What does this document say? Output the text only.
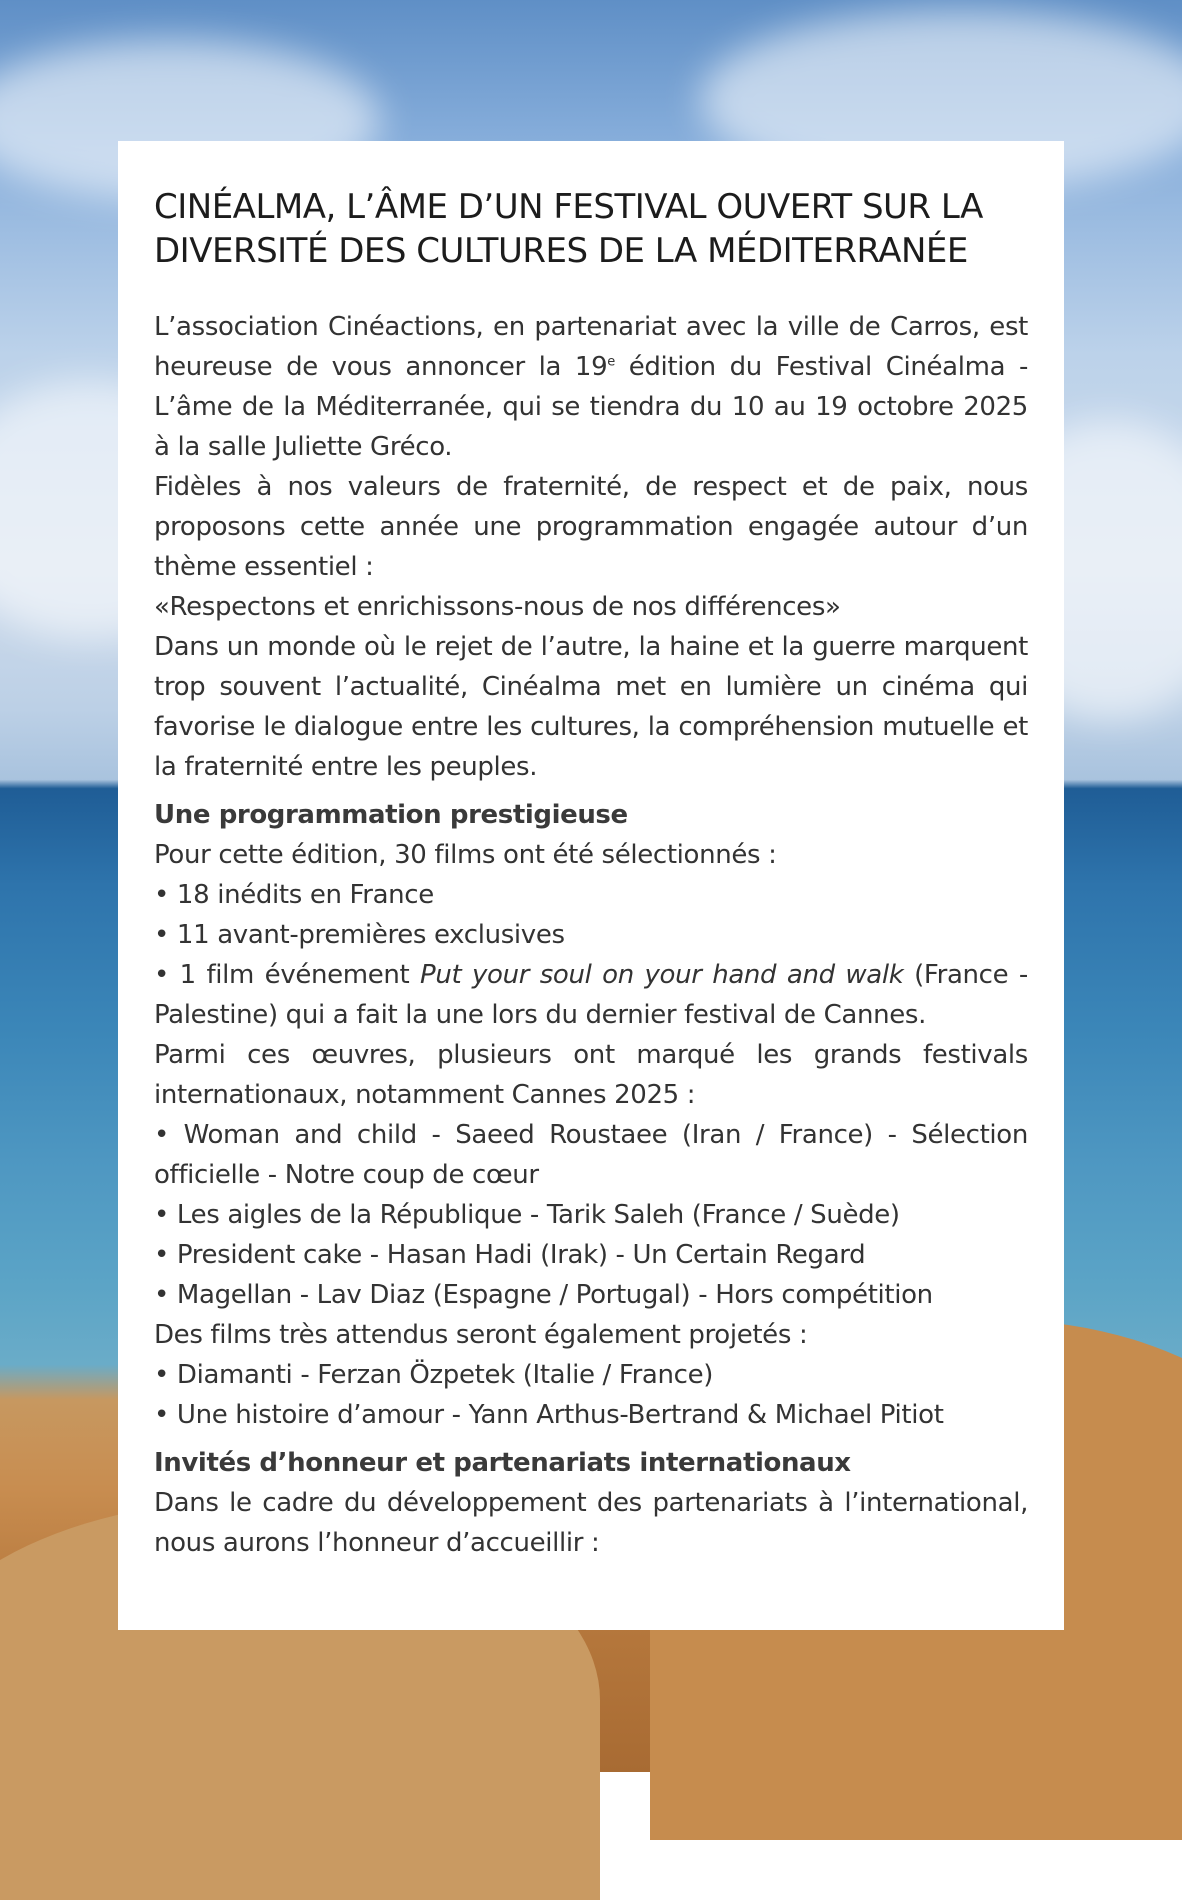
CINÉALMA, L’ÂME D’UN FESTIVAL OUVERT SUR LA
DIVERSITÉ DES CULTURES DE LA MÉDITERRANÉE

L’association Cinéactions, en partenariat avec la ville de Carros, est heureuse de vous annoncer la 19e édition du Festival Cinéalma - L’âme de la Méditerranée, qui se tiendra du 10 au 19 octobre 2025 à la salle Juliette Gréco.

Fidèles à nos valeurs de fraternité, de respect et de paix, nous proposons cette année une programmation engagée autour d’un thème essentiel :

«Respectons et enrichissons-nous de nos différences»

Dans un monde où le rejet de l’autre, la haine et la guerre marquent trop souvent l’actualité, Cinéalma met en lumière un cinéma qui favorise le dialogue entre les cultures, la compréhension mutuelle et la fraternité entre les peuples.

Une programmation prestigieuse

Pour cette édition, 30 films ont été sélectionnés :

• 18 inédits en France

• 11 avant-premières exclusives

• 1 film événement Put your soul on your hand and walk (France - Palestine) qui a fait la une lors du dernier festival de Cannes.

Parmi ces œuvres, plusieurs ont marqué les grands festivals internationaux, notamment Cannes 2025 :

• Woman and child - Saeed Roustaee (Iran / France) - Sélection officielle - Notre coup de cœur

• Les aigles de la République - Tarik Saleh (France / Suède)

• President cake - Hasan Hadi (Irak) - Un Certain Regard

• Magellan - Lav Diaz (Espagne / Portugal) - Hors compétition

Des films très attendus seront également projetés :

• Diamanti - Ferzan Özpetek (Italie / France)

• Une histoire d’amour - Yann Arthus-Bertrand & Michael Pitiot

Invités d’honneur et partenariats internationaux

Dans le cadre du développement des partenariats à l’international, nous aurons l’honneur d’accueillir :
